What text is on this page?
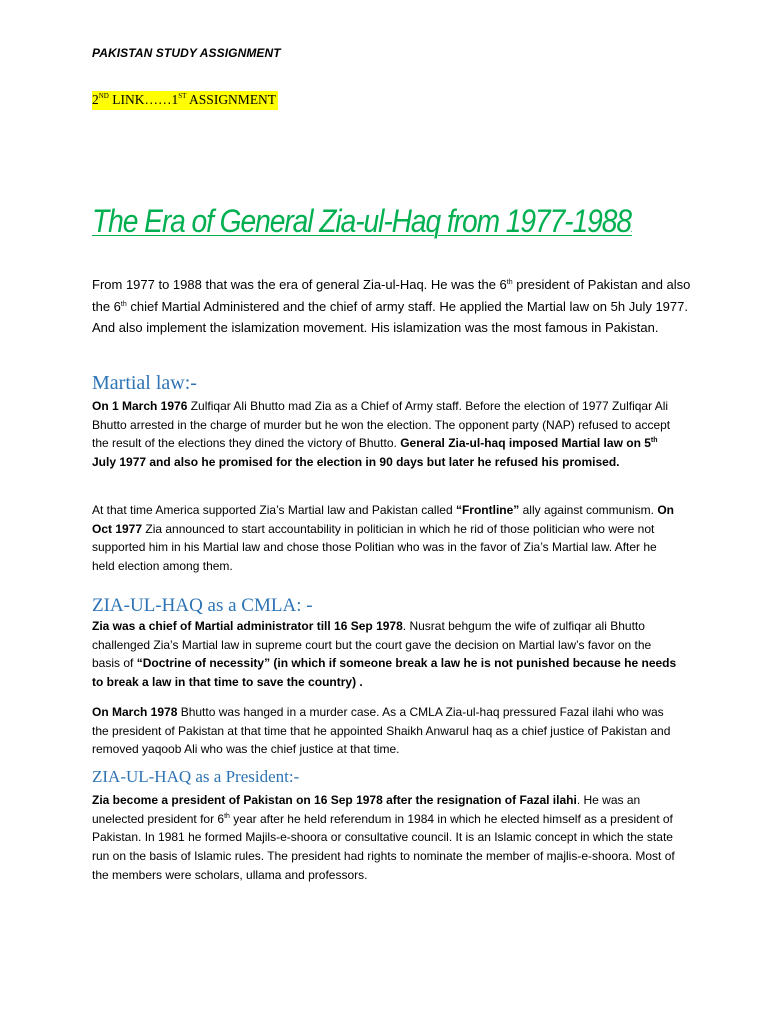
PAKISTAN STUDY ASSIGNMENT
2ND LINK……1ST ASSIGNMENT
The Era of General Zia-ul-Haq from 1977-1988.

From 1977 to 1988 that was the era of general Zia-ul-Haq. He was the 6th president of Pakistan and also the 6th chief Martial Administered and the chief of army staff. He applied the Martial law on 5h July 1977. And also implement the islamization movement. His islamization was the most famous in Pakistan.

Martial law:-

On 1 March 1976 Zulfiqar Ali Bhutto mad Zia as a Chief of Army staff. Before the election of 1977 Zulfiqar Ali Bhutto arrested in the charge of murder but he won the election. The opponent party (NAP) refused to accept the result of the elections they dined the victory of Bhutto. General Zia-ul-haq imposed Martial law on 5th July 1977 and also he promised for the election in 90 days but later he refused his promised.

At that time America supported Zia’s Martial law and Pakistan called “Frontline” ally against communism. On Oct 1977 Zia announced to start accountability in politician in which he rid of those politician who were not supported him in his Martial law and chose those Politian who was in the favor of Zia’s Martial law. After he held election among them.

ZIA-UL-HAQ as a CMLA: -

Zia was a chief of Martial administrator till 16 Sep 1978. Nusrat behgum the wife of zulfiqar ali Bhutto challenged Zia’s Martial law in supreme court but the court gave the decision on Martial law’s favor on the basis of “Doctrine of necessity” (in which if someone break a law he is not punished because he needs to break a law in that time to save the country) .

On March 1978 Bhutto was hanged in a murder case. As a CMLA Zia-ul-haq pressured Fazal ilahi who was the president of Pakistan at that time that he appointed Shaikh Anwarul haq as a chief justice of Pakistan and removed yaqoob Ali who was the chief justice at that time.

ZIA-UL-HAQ as a President:-

Zia become a president of Pakistan on 16 Sep 1978 after the resignation of Fazal ilahi. He was an unelected president for 6th year after he held referendum in 1984 in which he elected himself as a president of Pakistan. In 1981 he formed Majils-e-shoora or consultative council. It is an Islamic concept in which the state run on the basis of Islamic rules. The president had rights to nominate the member of majlis-e-shoora. Most of the members were scholars, ullama and professors.
